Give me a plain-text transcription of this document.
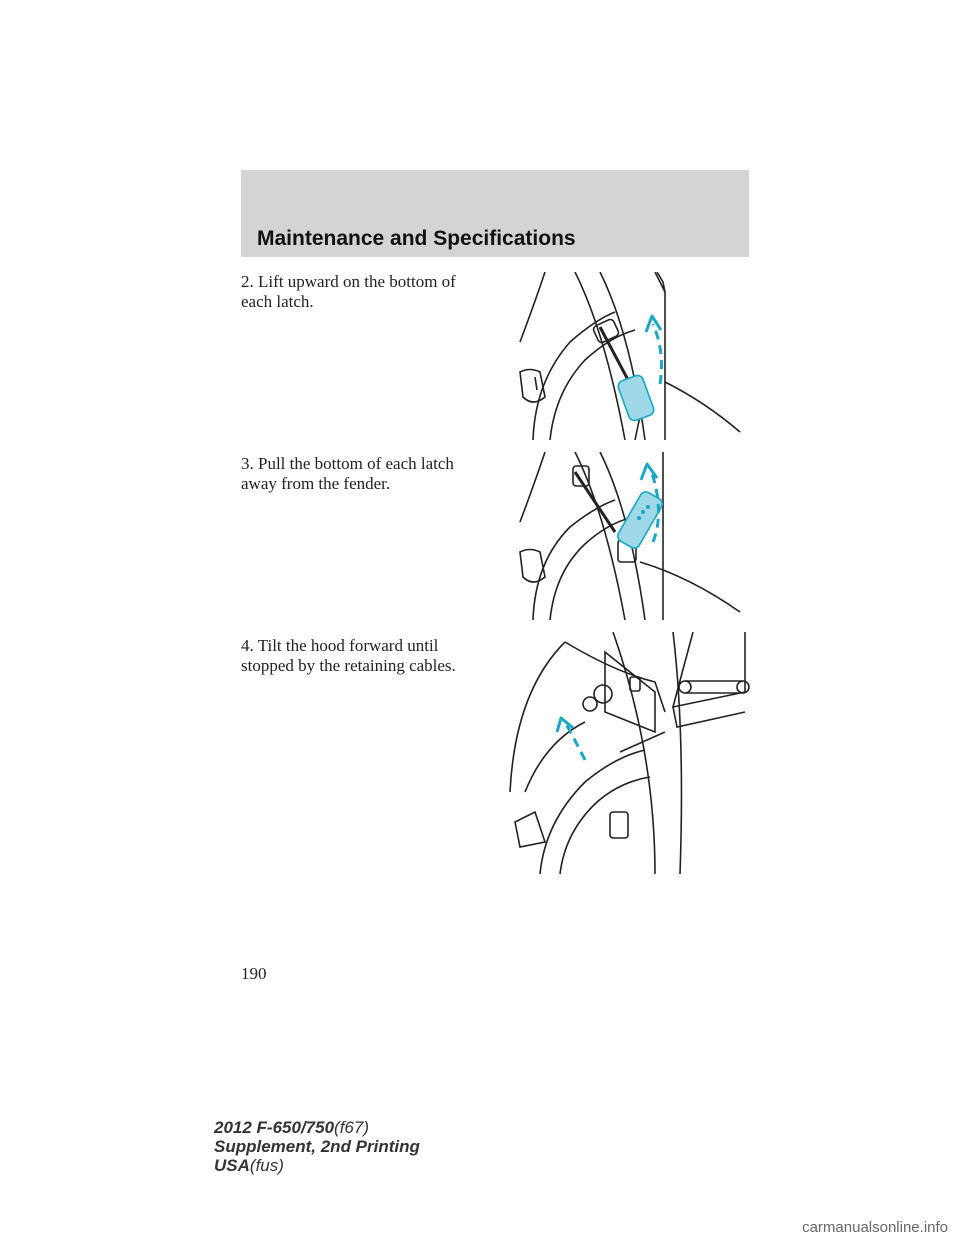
Maintenance and Specifications
2. Lift upward on the bottom of
each latch.
3. Pull the bottom of each latch
away from the fender.
4. Tilt the hood forward until
stopped by the retaining cables.
190
2012 F-650/750(f67)
Supplement, 2nd Printing
USA(fus)
carmanualsonline.info
